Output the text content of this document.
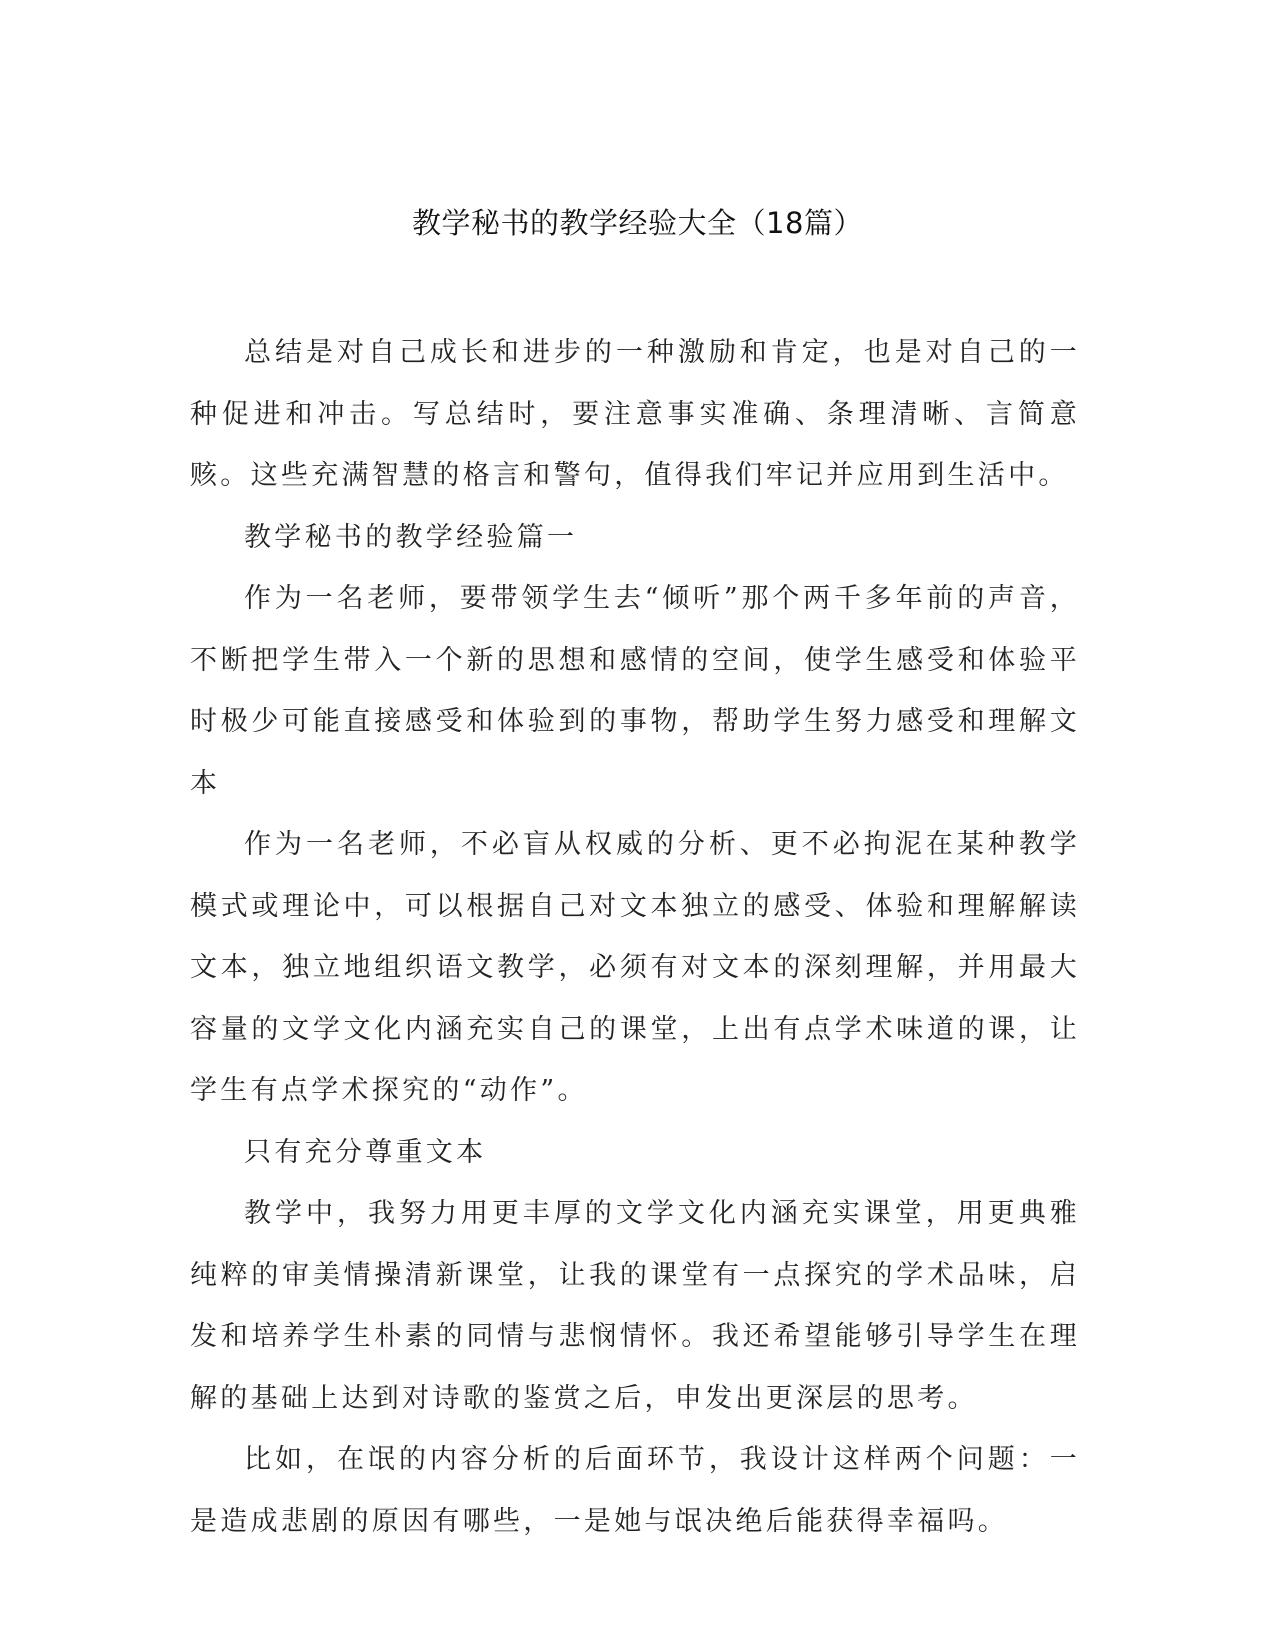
教学秘书的教学经验大全（18篇）

总结是对自己成长和进步的一种激励和肯定，也是对自己的一种促进和冲击。写总结时，要注意事实准确、条理清晰、言简意赅。这些充满智慧的格言和警句，值得我们牢记并应用到生活中。

教学秘书的教学经验篇一

作为一名老师，要带领学生去“倾听”那个两千多年前的声音，不断把学生带入一个新的思想和感情的空间，使学生感受和体验平时极少可能直接感受和体验到的事物，帮助学生努力感受和理解文本

作为一名老师，不必盲从权威的分析、更不必拘泥在某种教学模式或理论中，可以根据自己对文本独立的感受、体验和理解解读文本，独立地组织语文教学，必须有对文本的深刻理解，并用最大容量的文学文化内涵充实自己的课堂，上出有点学术味道的课，让学生有点学术探究的“动作”。

只有充分尊重文本

教学中，我努力用更丰厚的文学文化内涵充实课堂，用更典雅纯粹的审美情操清新课堂，让我的课堂有一点探究的学术品味，启发和培养学生朴素的同情与悲悯情怀。我还希望能够引导学生在理解的基础上达到对诗歌的鉴赏之后，申发出更深层的思考。

比如，在氓的内容分析的后面环节，我设计这样两个问题：一是造成悲剧的原因有哪些，一是她与氓决绝后能获得幸福吗。
